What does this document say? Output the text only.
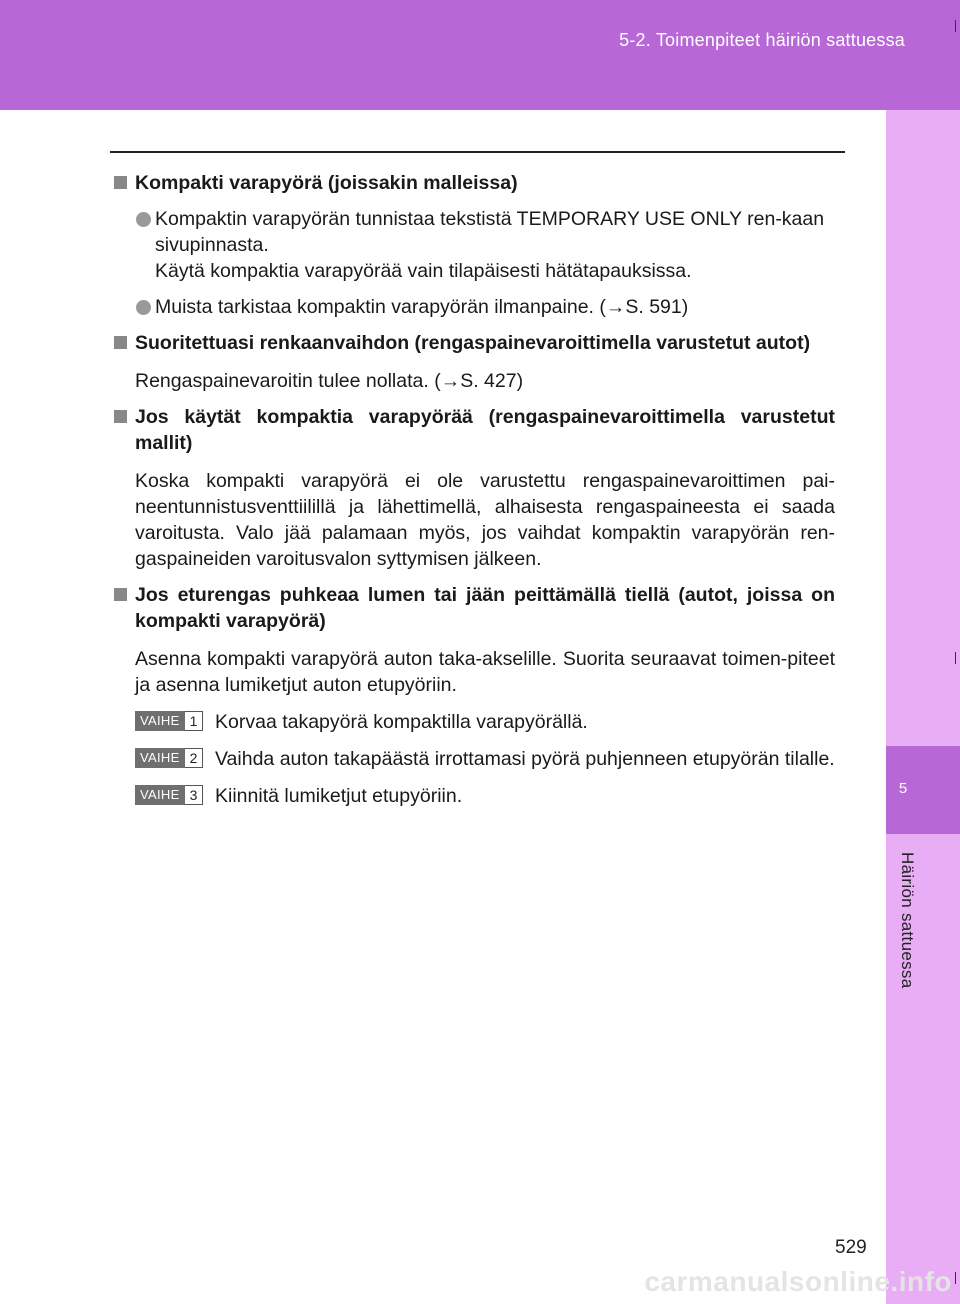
5-2. Toimenpiteet häiriön sattuessa
5
Häiriön sattuessa
Kompakti varapyörä (joissakin malleissa)
Kompaktin varapyörän tunnistaa tekstistä TEMPORARY USE ONLY ren-kaan sivupinnasta.
Käytä kompaktia varapyörää vain tilapäisesti hätätapauksissa.
Muista tarkistaa kompaktin varapyörän ilmanpaine. (→S. 591)
Suoritettuasi renkaanvaihdon (rengaspainevaroittimella varustetut autot)
Rengaspainevaroitin tulee nollata. (→S. 427)
Jos käytät kompaktia varapyörää (rengaspainevaroittimella varustetut mallit)
Koska kompakti varapyörä ei ole varustettu rengaspainevaroittimen pai-neentunnistusventtiilillä ja lähettimellä, alhaisesta rengaspaineesta ei saada varoitusta. Valo jää palamaan myös, jos vaihdat kompaktin varapyörän ren-gaspaineiden varoitusvalon syttymisen jälkeen.
Jos eturengas puhkeaa lumen tai jään peittämällä tiellä (autot, joissa on kompakti varapyörä)
Asenna kompakti varapyörä auton taka-akselille. Suorita seuraavat toimen-piteet ja asenna lumiketjut auton etupyöriin.
VAIHE 1 Korvaa takapyörä kompaktilla varapyörällä.
VAIHE 2 Vaihda auton takapäästä irrottamasi pyörä puhjenneen etupyörän tilalle.
VAIHE 3 Kiinnitä lumiketjut etupyöriin.
529
carmanualsonline.info
